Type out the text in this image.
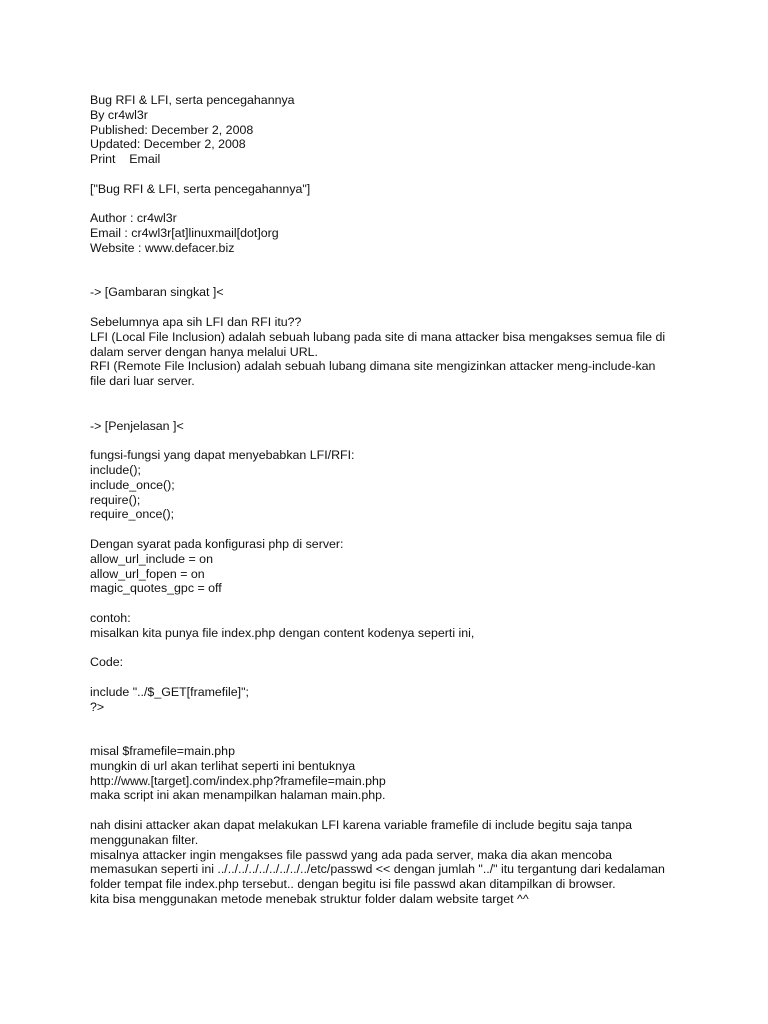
Bug RFI & LFI, serta pencegahannya
By cr4wl3r
Published: December 2, 2008
Updated: December 2, 2008
Print    Email
["Bug RFI & LFI, serta pencegahannya"]
Author : cr4wl3r
Email : cr4wl3r[at]linuxmail[dot]org
Website : www.defacer.biz
-> [Gambaran singkat ]<
Sebelumnya apa sih LFI dan RFI itu??
LFI (Local File Inclusion) adalah sebuah lubang pada site di mana attacker bisa mengakses semua file di
dalam server dengan hanya melalui URL.
RFI (Remote File Inclusion) adalah sebuah lubang dimana site mengizinkan attacker meng-include-kan
file dari luar server.
-> [Penjelasan ]<
fungsi-fungsi yang dapat menyebabkan LFI/RFI:
include();
include_once();
require();
require_once();
Dengan syarat pada konfigurasi php di server:
allow_url_include = on
allow_url_fopen = on
magic_quotes_gpc = off
contoh:
misalkan kita punya file index.php dengan content kodenya seperti ini,
Code:
include "../$_GET[framefile]";
?>
misal $framefile=main.php
mungkin di url akan terlihat seperti ini bentuknya
http://www.[target].com/index.php?framefile=main.php
maka script ini akan menampilkan halaman main.php.
nah disini attacker akan dapat melakukan LFI karena variable framefile di include begitu saja tanpa
menggunakan filter.
misalnya attacker ingin mengakses file passwd yang ada pada server, maka dia akan mencoba
memasukan seperti ini ../../../../../../../../../etc/passwd << dengan jumlah "../" itu tergantung dari kedalaman
folder tempat file index.php tersebut.. dengan begitu isi file passwd akan ditampilkan di browser.
kita bisa menggunakan metode menebak struktur folder dalam website target ^^
